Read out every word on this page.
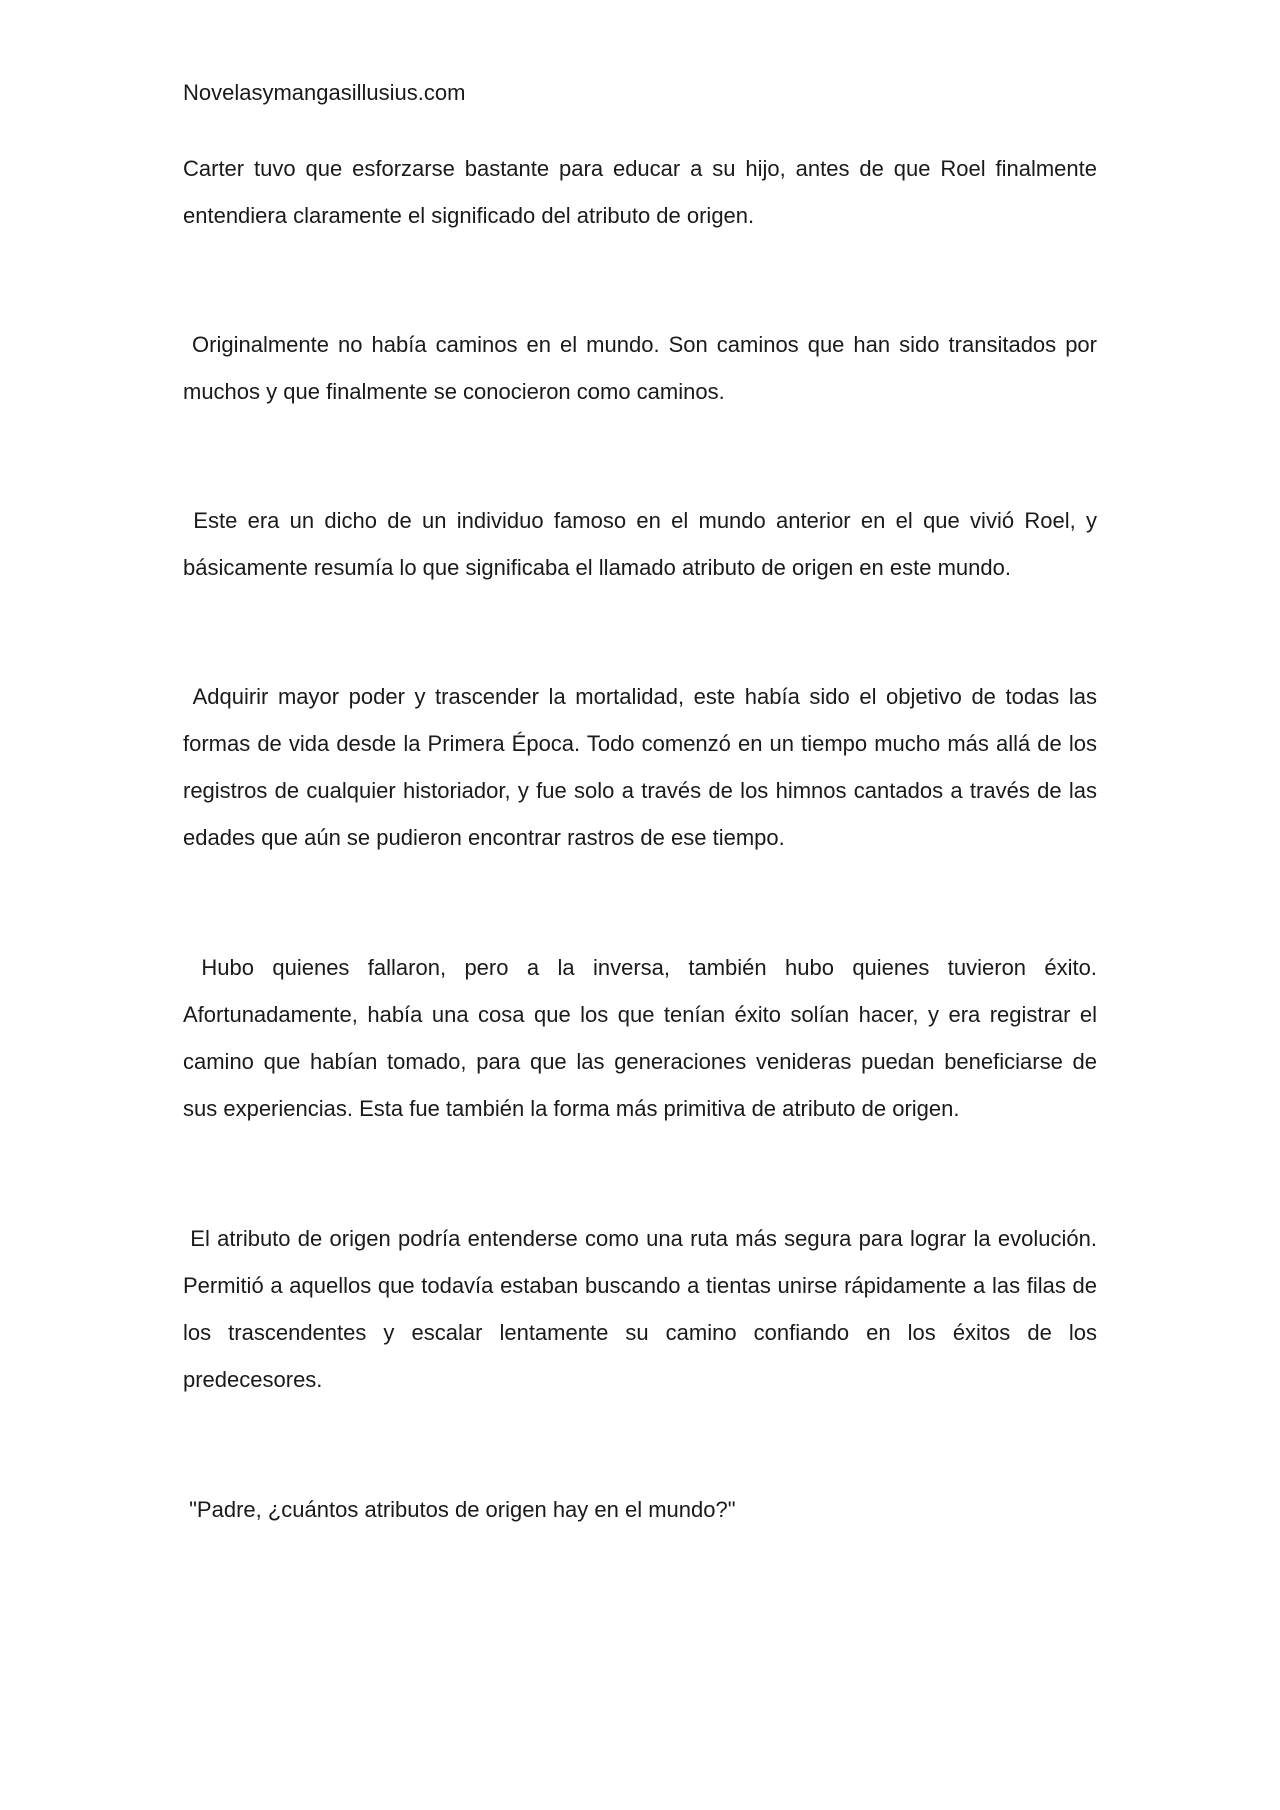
Novelasymangasillusius.com

Carter tuvo que esforzarse bastante para educar a su hijo, antes de que Roel finalmente entendiera claramente el significado del atributo de origen.

Originalmente no había caminos en el mundo. Son caminos que han sido transitados por muchos y que finalmente se conocieron como caminos.

Este era un dicho de un individuo famoso en el mundo anterior en el que vivió Roel, y básicamente resumía lo que significaba el llamado atributo de origen en este mundo.

Adquirir mayor poder y trascender la mortalidad, este había sido el objetivo de todas las formas de vida desde la Primera Época. Todo comenzó en un tiempo mucho más allá de los registros de cualquier historiador, y fue solo a través de los himnos cantados a través de las edades que aún se pudieron encontrar rastros de ese tiempo.

Hubo quienes fallaron, pero a la inversa, también hubo quienes tuvieron éxito. Afortunadamente, había una cosa que los que tenían éxito solían hacer, y era registrar el camino que habían tomado, para que las generaciones venideras puedan beneficiarse de sus experiencias. Esta fue también la forma más primitiva de atributo de origen.

El atributo de origen podría entenderse como una ruta más segura para lograr la evolución. Permitió a aquellos que todavía estaban buscando a tientas unirse rápidamente a las filas de los trascendentes y escalar lentamente su camino confiando en los éxitos de los predecesores.

"Padre, ¿cuántos atributos de origen hay en el mundo?"
